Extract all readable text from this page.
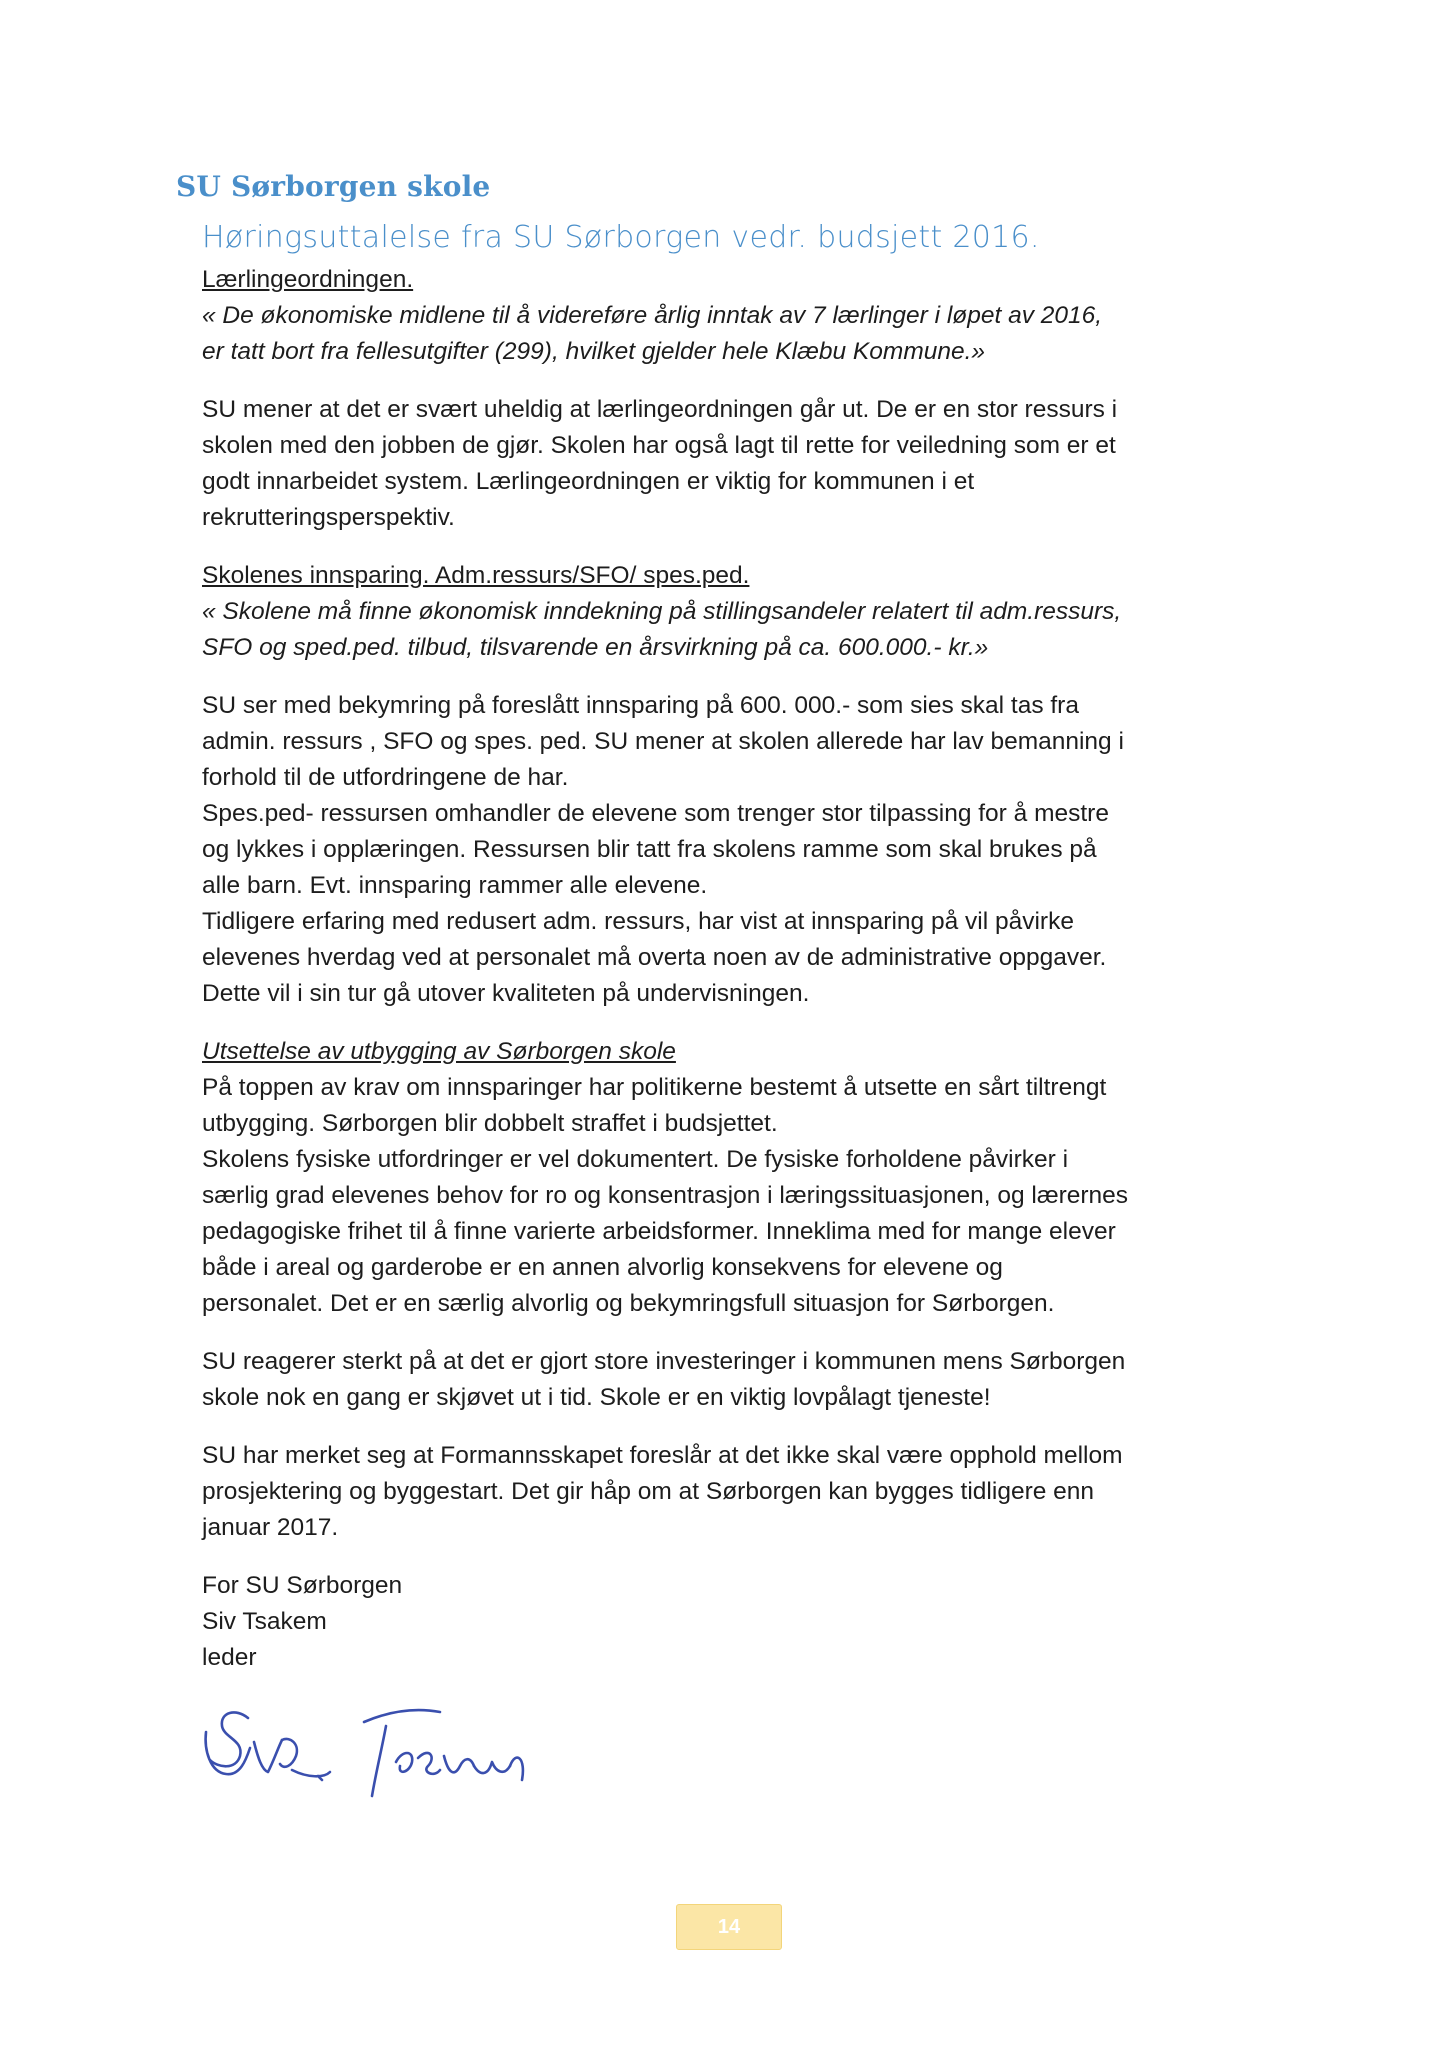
SU Sørborgen skole
Høringsuttalelse fra SU Sørborgen vedr. budsjett 2016.

Lærlingeordningen.

« De økonomiske midlene til å videreføre årlig inntak av 7 lærlinger i løpet av 2016,

er tatt bort fra fellesutgifter (299), hvilket gjelder hele Klæbu Kommune.»

SU mener at det er svært uheldig at lærlingeordningen går ut. De er en stor ressurs i

skolen med den jobben de gjør. Skolen har også lagt til rette for veiledning som er et

godt innarbeidet system. Lærlingeordningen er viktig for kommunen i et

rekrutteringsperspektiv.

Skolenes innsparing. Adm.ressurs/SFO/ spes.ped.

« Skolene må finne økonomisk inndekning på stillingsandeler relatert til adm.ressurs,

SFO og sped.ped. tilbud, tilsvarende en årsvirkning på ca. 600.000.- kr.»

SU ser med bekymring på foreslått innsparing på 600. 000.- som sies skal tas fra

admin. ressurs , SFO og spes. ped. SU mener at skolen allerede har lav bemanning i

forhold til de utfordringene de har.

Spes.ped- ressursen omhandler de elevene som trenger stor tilpassing for å mestre

og lykkes i opplæringen. Ressursen blir tatt fra skolens ramme som skal brukes på

alle barn. Evt. innsparing rammer alle elevene.

Tidligere erfaring med redusert adm. ressurs, har vist at innsparing på vil påvirke

elevenes hverdag ved at personalet må overta noen av de administrative oppgaver.

Dette vil i sin tur gå utover kvaliteten på undervisningen.

Utsettelse av utbygging av Sørborgen skole

På toppen av krav om innsparinger har politikerne bestemt å utsette en sårt tiltrengt

utbygging. Sørborgen blir dobbelt straffet i budsjettet.

Skolens fysiske utfordringer er vel dokumentert. De fysiske forholdene påvirker i

særlig grad elevenes behov for ro og konsentrasjon i læringssituasjonen, og lærernes

pedagogiske frihet til å finne varierte arbeidsformer. Inneklima med for mange elever

både i areal og garderobe er en annen alvorlig konsekvens for elevene og

personalet. Det er en særlig alvorlig og bekymringsfull situasjon for Sørborgen.

SU reagerer sterkt på at det er gjort store investeringer i kommunen mens Sørborgen

skole nok en gang er skjøvet ut i tid. Skole er en viktig lovpålagt tjeneste!

SU har merket seg at Formannsskapet foreslår at det ikke skal være opphold mellom

prosjektering og byggestart. Det gir håp om at Sørborgen kan bygges tidligere enn

januar 2017.

For SU Sørborgen

Siv Tsakem

leder

14
